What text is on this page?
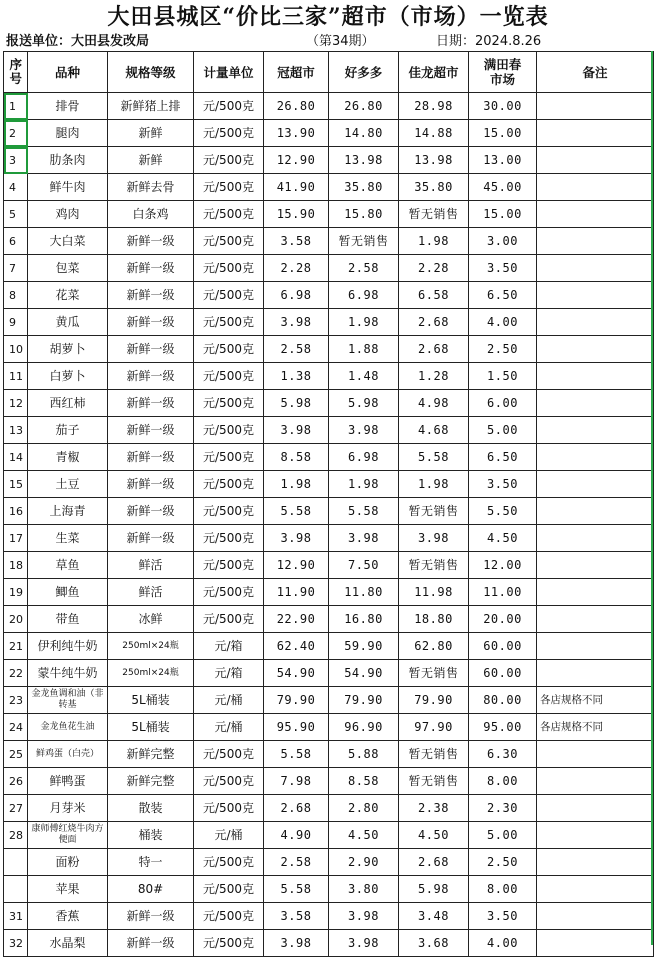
大田县城区“价比三家”超市（市场）一览表
报送单位：大田县发改局	（第34期）	日期：2024.8.26
序号	品种	规格等级	计量单位	冠超市	好多多	佳龙超市	满田春市场	备注
1	排骨	新鲜猪上排	元/500克	26.80	26.80	28.98	30.00	
2	腿肉	新鲜	元/500克	13.90	14.80	14.88	15.00	
3	肋条肉	新鲜	元/500克	12.90	13.98	13.98	13.00	
4	鲜牛肉	新鲜去骨	元/500克	41.90	35.80	35.80	45.00	
5	鸡肉	白条鸡	元/500克	15.90	15.80	暂无销售	15.00	
6	大白菜	新鲜一级	元/500克	3.58	暂无销售	1.98	3.00	
7	包菜	新鲜一级	元/500克	2.28	2.58	2.28	3.50	
8	花菜	新鲜一级	元/500克	6.98	6.98	6.58	6.50	
9	黄瓜	新鲜一级	元/500克	3.98	1.98	2.68	4.00	
10	胡萝卜	新鲜一级	元/500克	2.58	1.88	2.68	2.50	
11	白萝卜	新鲜一级	元/500克	1.38	1.48	1.28	1.50	
12	西红柿	新鲜一级	元/500克	5.98	5.98	4.98	6.00	
13	茄子	新鲜一级	元/500克	3.98	3.98	4.68	5.00	
14	青椒	新鲜一级	元/500克	8.58	6.98	5.58	6.50	
15	土豆	新鲜一级	元/500克	1.98	1.98	1.98	3.50	
16	上海青	新鲜一级	元/500克	5.58	5.58	暂无销售	5.50	
17	生菜	新鲜一级	元/500克	3.98	3.98	3.98	4.50	
18	草鱼	鲜活	元/500克	12.90	7.50	暂无销售	12.00	
19	鲫鱼	鲜活	元/500克	11.90	11.80	11.98	11.00	
20	带鱼	冰鲜	元/500克	22.90	16.80	18.80	20.00	
21	伊利纯牛奶	250ml×24瓶	元/箱	62.40	59.90	62.80	60.00	
22	蒙牛纯牛奶	250ml×24瓶	元/箱	54.90	54.90	暂无销售	60.00	
23	金龙鱼调和油（非转基	5L桶装	元/桶	79.90	79.90	79.90	80.00	各店规格不同
24	金龙鱼花生油	5L桶装	元/桶	95.90	96.90	97.90	95.00	各店规格不同
25	鲜鸡蛋（白壳）	新鲜完整	元/500克	5.58	5.88	暂无销售	6.30	
26	鲜鸭蛋	新鲜完整	元/500克	7.98	8.58	暂无销售	8.00	
27	月芽米	散装	元/500克	2.68	2.80	2.38	2.30	
28	康师傅红烧牛肉方便面	桶装	元/桶	4.90	4.50	4.50	5.00	
	面粉	特一	元/500克	2.58	2.90	2.68	2.50	
	苹果	80#	元/500克	5.58	3.80	5.98	8.00	
31	香蕉	新鲜一级	元/500克	3.58	3.98	3.48	3.50	
32	水晶梨	新鲜一级	元/500克	3.98	3.98	3.68	4.00	
